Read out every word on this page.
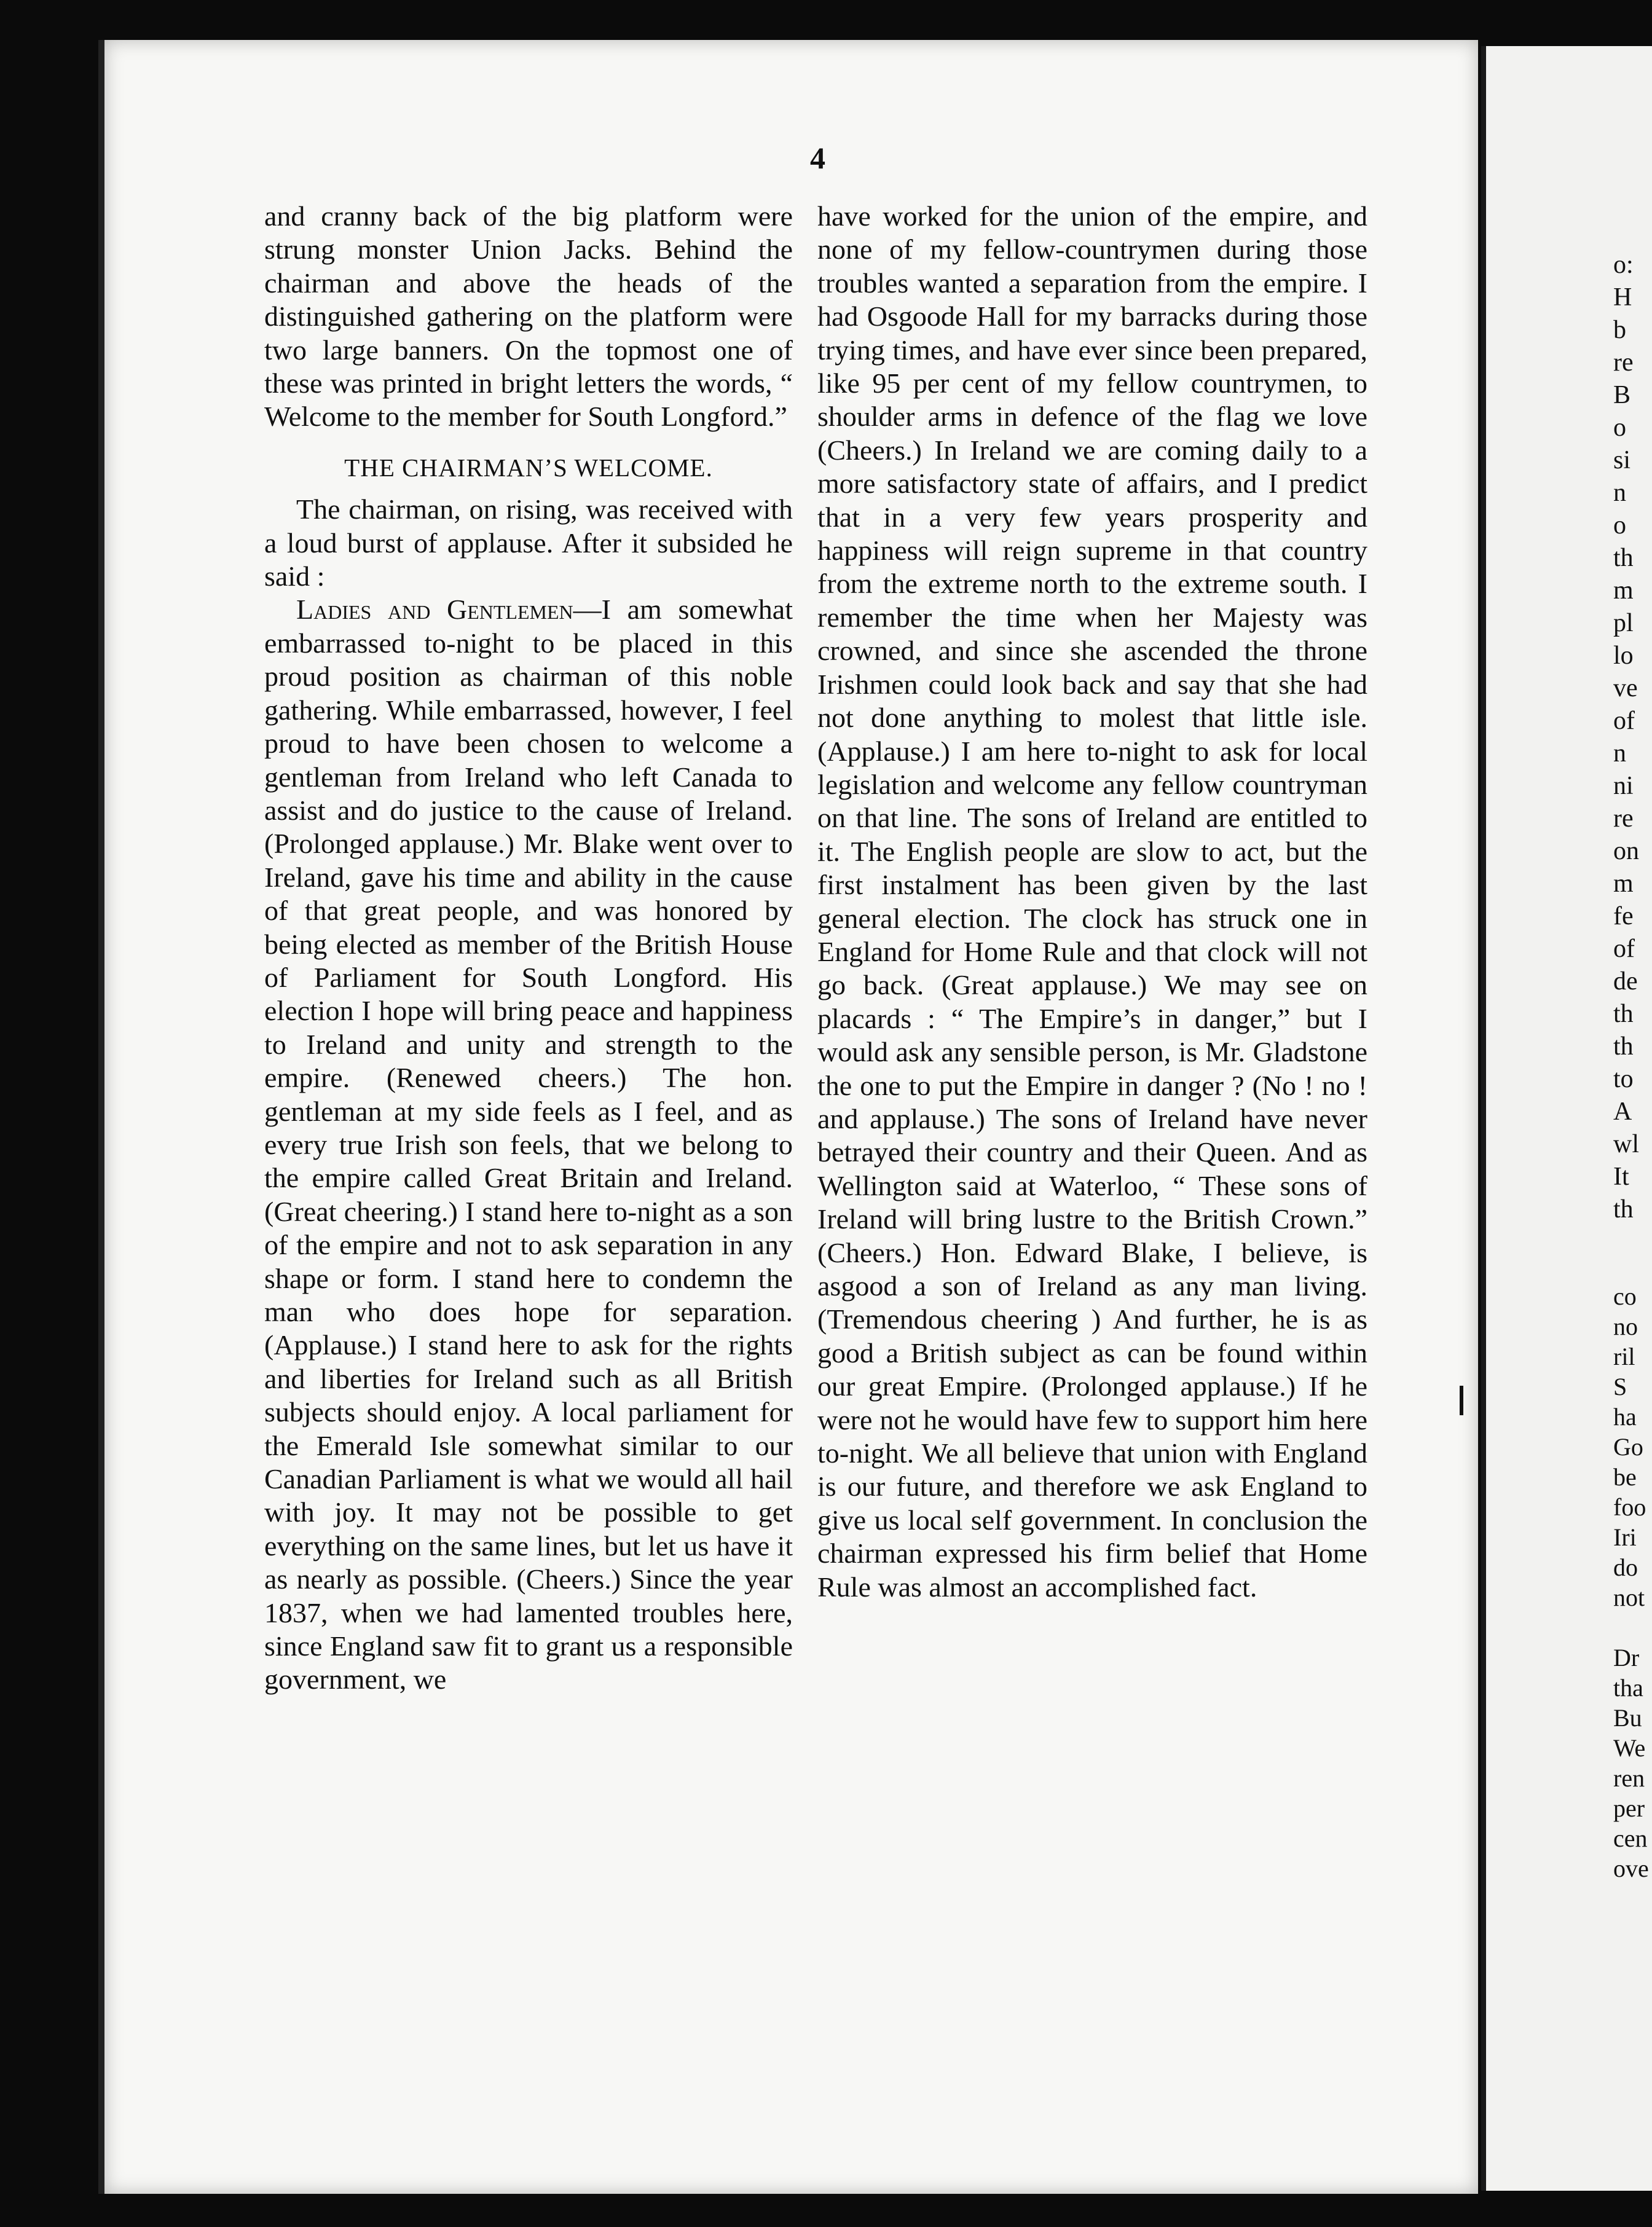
4

and cranny back of the big platform were strung monster Union Jacks. Behind the chairman and above the heads of the distinguished gathering on the platform were two large banners. On the topmost one of these was printed in bright letters the words, “ Welcome to the member for South Longford.”

THE CHAIRMAN’S WELCOME.

The chairman, on rising, was received with a loud burst of applause. After it subsided he said :

Ladies and Gentlemen—I am somewhat embarrassed to-night to be placed in this proud position as chairman of this noble gathering. While embarrassed, however, I feel proud to have been chosen to welcome a gentleman from Ireland who left Canada to assist and do justice to the cause of Ireland. (Prolonged applause.) Mr. Blake went over to Ireland, gave his time and ability in the cause of that great people, and was honored by being elected as member of the British House of Parliament for South Longford. His election I hope will bring peace and happiness to Ireland and unity and strength to the empire. (Renewed cheers.) The hon. gentleman at my side feels as I feel, and as every true Irish son feels, that we belong to the empire called Great Britain and Ireland. (Great cheering.) I stand here to-night as a son of the empire and not to ask separation in any shape or form. I stand here to condemn the man who does hope for separation. (Applause.) I stand here to ask for the rights and liberties for Ireland such as all British subjects should enjoy. A local parliament for the Emerald Isle somewhat similar to our Canadian Parliament is what we would all hail with joy. It may not be possible to get everything on the same lines, but let us have it as nearly as possible. (Cheers.) Since the year 1837, when we had lamented troubles here, since England saw fit to grant us a responsible government, we

have worked for the union of the empire, and none of my fellow-countrymen during those troubles wanted a separation from the empire. I had Osgoode Hall for my barracks during those trying times, and have ever since been prepared, like 95 per cent of my fellow countrymen, to shoulder arms in defence of the flag we love (Cheers.) In Ireland we are coming daily to a more satisfactory state of affairs, and I predict that in a very few years prosperity and happiness will reign supreme in that country from the extreme north to the extreme south. I remember the time when her Majesty was crowned, and since she ascended the throne Irishmen could look back and say that she had not done anything to molest that little isle. (Applause.) I am here to-night to ask for local legislation and welcome any fellow countryman on that line. The sons of Ireland are entitled to it. The English people are slow to act, but the first instalment has been given by the last general election. The clock has struck one in England for Home Rule and that clock will not go back. (Great applause.) We may see on placards : “ The Empire’s in danger,” but I would ask any sensible person, is Mr. Gladstone the one to put the Empire in danger ? (No ! no ! and applause.) The sons of Ireland have never betrayed their country and their Queen. And as Wellington said at Waterloo, “ These sons of Ireland will bring lustre to the British Crown.” (Cheers.) Hon. Edward Blake, I believe, is asgood a son of Ireland as any man living. (Tremendous cheering ) And further, he is as good a British subject as can be found within our great Empire. (Prolonged applause.) If he were not he would have few to support him here to-night. We all believe that union with England is our future, and therefore we ask England to give us local self government. In conclusion the chairman expressed his firm belief that Home Rule was almost an accomplished fact.

o:
H
b
re
B
o
si
n
o
th
m
pl
lo
ve
of
n
ni
re
on
m
fe
of
de
th
th
to
A
wl
It
th
co
no
ril
S
ha
Go
be
foo
Iri
do
not

Dr
tha
Bu
We
ren
per
cen
ove
